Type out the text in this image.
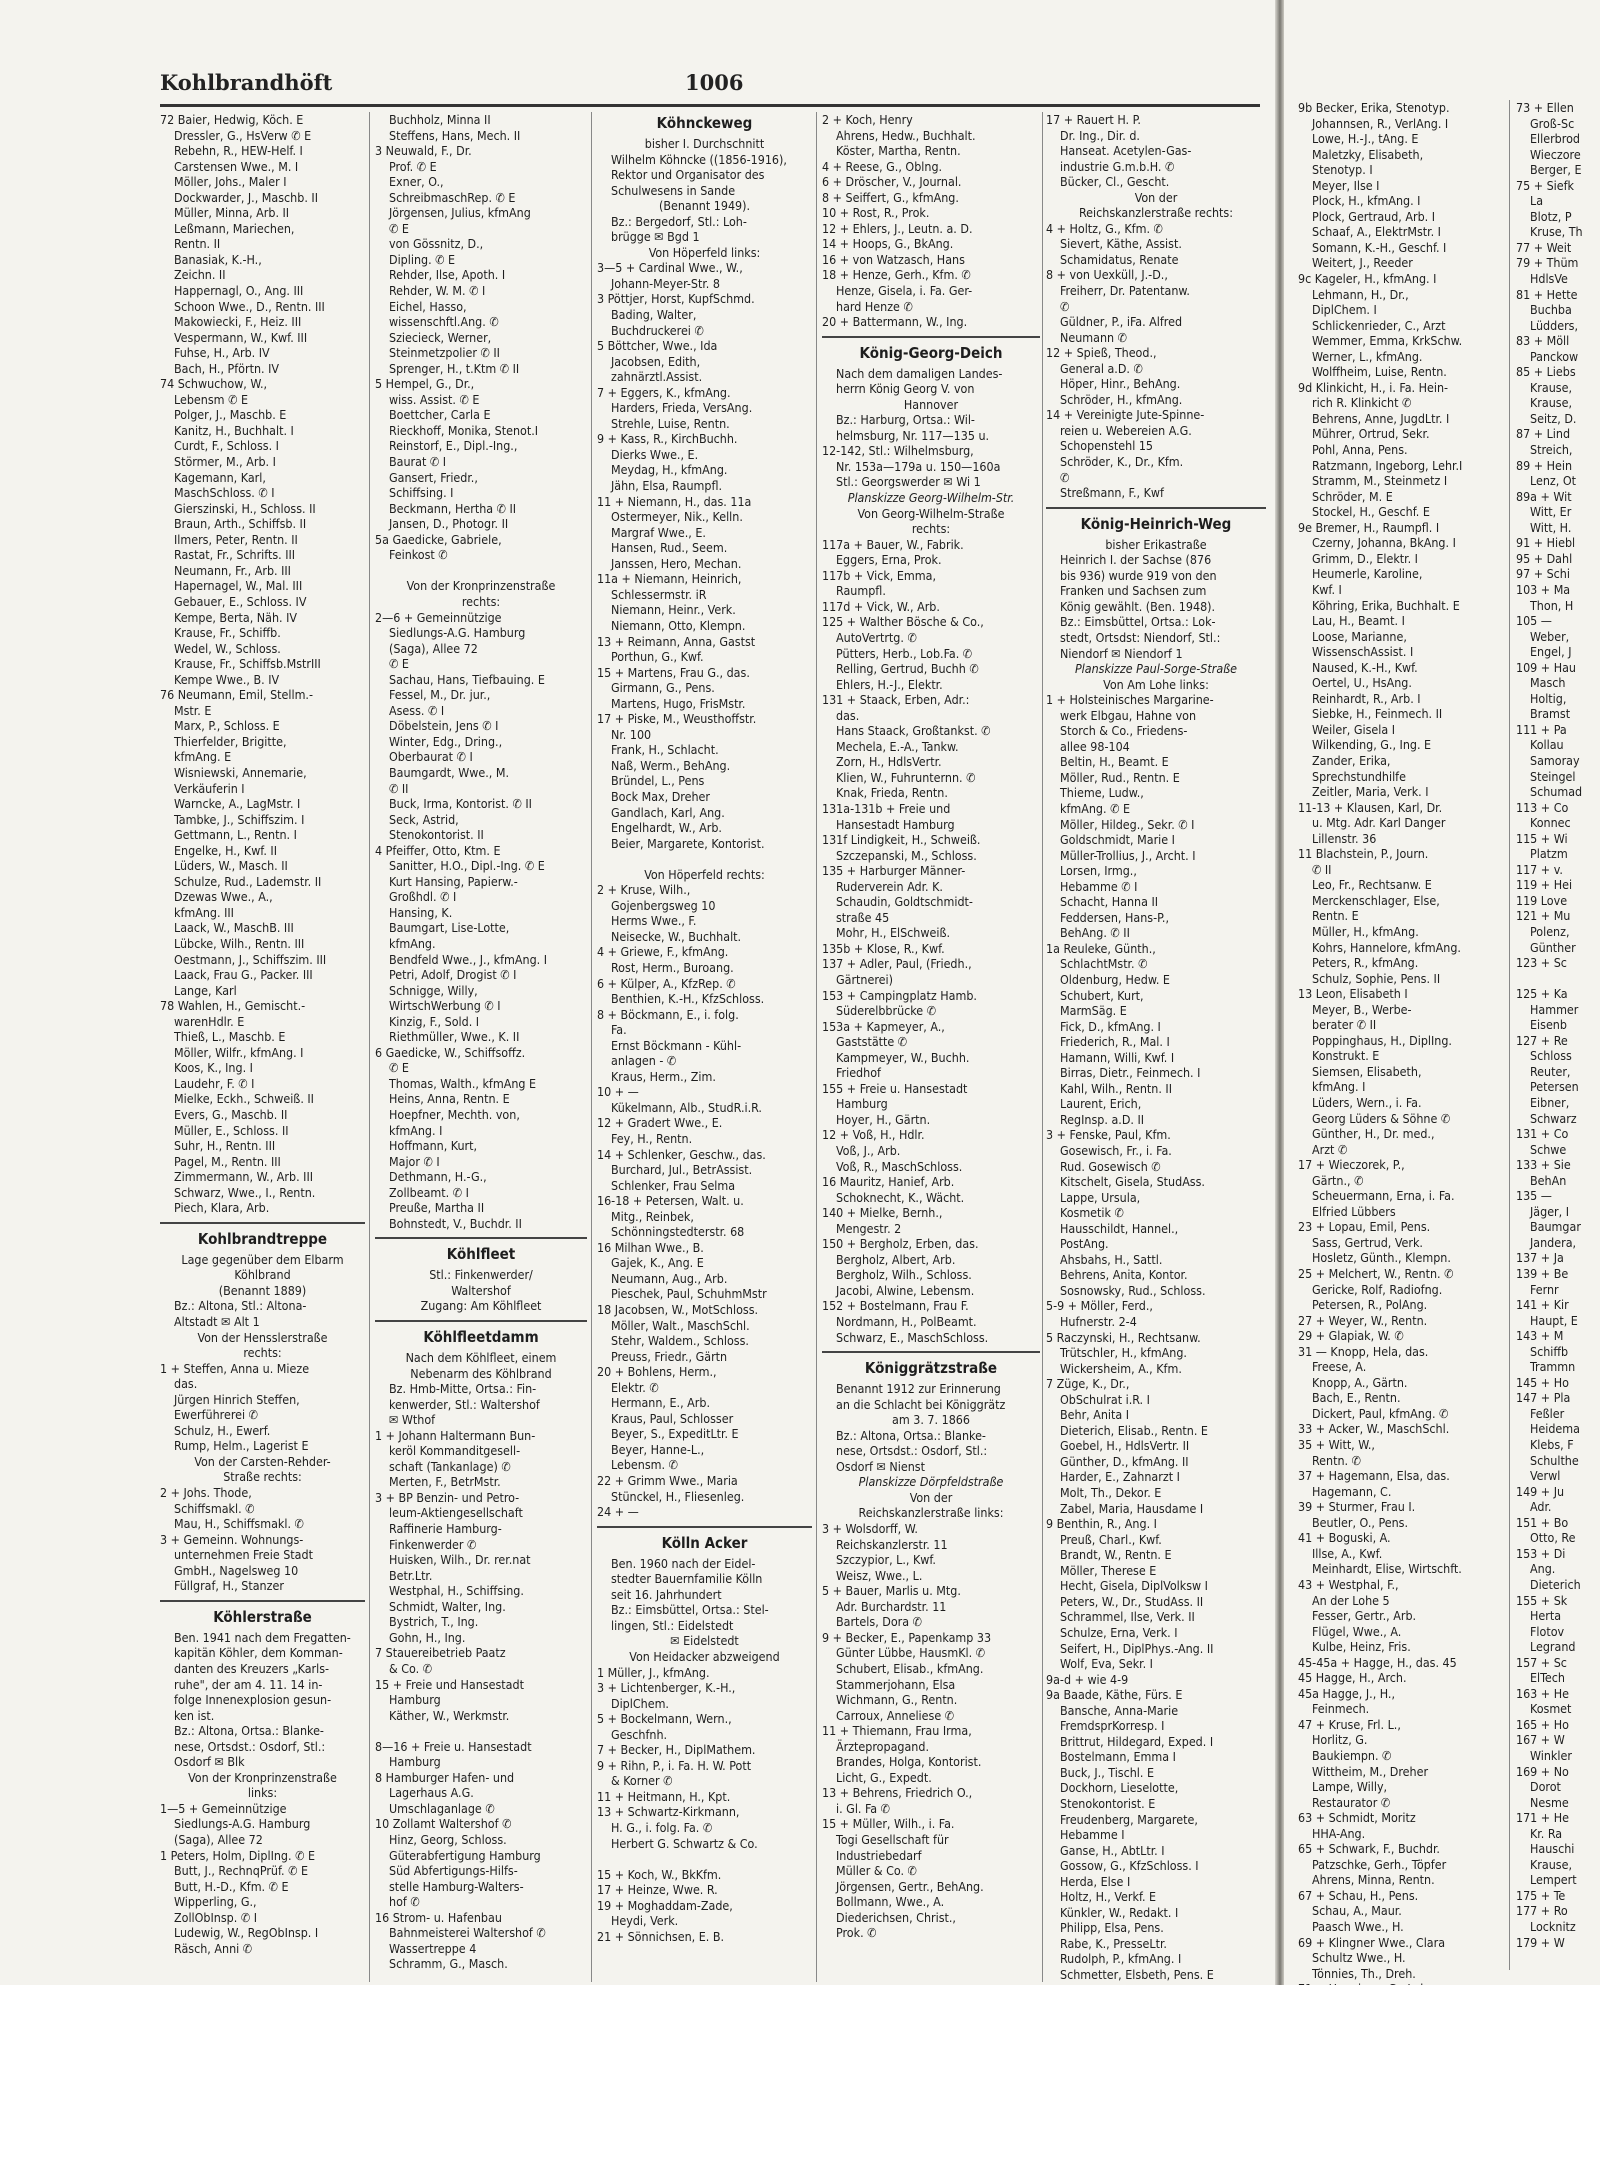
Kohlbrandhöft	1006
72 Baier, Hedwig, Köch. E
Dressler, G., HsVerw ✆ E
Rebehn, R., HEW-Helf. I
Carstensen Wwe., M. I
Möller, Johs., Maler I
Dockwarder, J., Maschb. II
Müller, Minna, Arb. II
Leßmann, Mariechen,
Rentn. II
Banasiak, K.-H.,
Zeichn. II
Happernagl, O., Ang. III
Schoon Wwe., D., Rentn. III
Makowiecki, F., Heiz. III
Vespermann, W., Kwf. III
Fuhse, H., Arb. IV
Bach, H., Pförtn. IV
74 Schwuchow, W.,
Lebensm ✆ E
Polger, J., Maschb. E
Kanitz, H., Buchhalt. I
Curdt, F., Schloss. I
Störmer, M., Arb. I
Kagemann, Karl,
MaschSchloss. ✆ I
Gierszinski, H., Schloss. II
Braun, Arth., Schiffsb. II
Ilmers, Peter, Rentn. II
Rastat, Fr., Schrifts. III
Neumann, Fr., Arb. III
Hapernagel, W., Mal. III
Gebauer, E., Schloss. IV
Kempe, Berta, Näh. IV
Krause, Fr., Schiffb.
Wedel, W., Schloss.
Krause, Fr., Schiffsb.MstrIII
Kempe Wwe., B. IV
76 Neumann, Emil, Stellm.-
Mstr. E
Marx, P., Schloss. E
Thierfelder, Brigitte,
kfmAng. E
Wisniewski, Annemarie,
Verkäuferin I
Warncke, A., LagMstr. I
Tambke, J., Schiffszim. I
Gettmann, L., Rentn. I
Engelke, H., Kwf. II
Lüders, W., Masch. II
Schulze, Rud., Lademstr. II
Dzewas Wwe., A.,
kfmAng. III
Laack, W., MaschB. III
Lübcke, Wilh., Rentn. III
Oestmann, J., Schiffszim. III
Laack, Frau G., Packer. III
Lange, Karl
78 Wahlen, H., Gemischt.-
warenHdlr. E
Thieß, L., Maschb. E
Möller, Wilfr., kfmAng. I
Koos, K., Ing. I
Laudehr, F. ✆ I
Mielke, Eckh., Schweiß. II
Evers, G., Maschb. II
Müller, E., Schloss. II
Suhr, H., Rentn. III
Pagel, M., Rentn. III
Zimmermann, W., Arb. III
Schwarz, Wwe., I., Rentn.
Piech, Klara, Arb.
Kohlbrandtreppe
Lage gegenüber dem Elbarm
Köhlbrand
(Benannt 1889)
Bz.: Altona, Stl.: Altona-
Altstadt ✉ Alt 1
Von der Hensslerstraße
rechts:
1 + Steffen, Anna u. Mieze
das.
Jürgen Hinrich Steffen,
Ewerführerei ✆
Schulz, H., Ewerf.
Rump, Helm., Lagerist E
Von der Carsten-Rehder-
Straße rechts:
2 + Johs. Thode,
Schiffsmakl. ✆
Mau, H., Schiffsmakl. ✆
3 + Gemeinn. Wohnungs-
unternehmen Freie Stadt
GmbH., Nagelsweg 10
Füllgraf, H., Stanzer
Köhlerstraße
Ben. 1941 nach dem Fregatten-
kapitän Köhler, dem Komman-
danten des Kreuzers „Karls-
ruhe", der am 4. 11. 14 in-
folge Innenexplosion gesun-
ken ist.
Bz.: Altona, Ortsa.: Blanke-
nese, Ortsdst.: Osdorf, Stl.:
Osdorf ✉ Blk
Von der Kronprinzenstraße
links:
1—5 + Gemeinnützige
Siedlungs-A.G. Hamburg
(Saga), Allee 72
1 Peters, Holm, DiplIng. ✆ E
Butt, J., RechnqPrüf. ✆ E
Butt, H.-D., Kfm. ✆ E
Wipperling, G.,
ZollObInsp. ✆ I
Ludewig, W., RegObInsp. I
Räsch, Anni ✆
Buchholz, Minna II
Steffens, Hans, Mech. II
3 Neuwald, F., Dr.
Prof. ✆ E
Exner, O.,
SchreibmaschRep. ✆ E
Jörgensen, Julius, kfmAng
✆ E
von Gössnitz, D.,
Dipling. ✆ E
Rehder, Ilse, Apoth. I
Rehder, W. M. ✆ I
Eichel, Hasso,
wissenschftl.Ang. ✆
Sziecieck, Werner,
Steinmetzpolier ✆ II
Sprenger, H., t.Ktm ✆ II
5 Hempel, G., Dr.,
wiss. Assist. ✆ E
Boettcher, Carla E
Rieckhoff, Monika, Stenot.I
Reinstorf, E., Dipl.-Ing.,
Baurat ✆ I
Gansert, Friedr.,
Schiffsing. I
Beckmann, Hertha ✆ II
Jansen, D., Photogr. II
5a Gaedicke, Gabriele,
Feinkost ✆

Von der Kronprinzenstraße
rechts:
2—6 + Gemeinnützige
Siedlungs-A.G. Hamburg
(Saga), Allee 72
✆ E
Sachau, Hans, Tiefbauing. E
Fessel, M., Dr. jur.,
Asess. ✆ I
Döbelstein, Jens ✆ I
Winter, Edg., Dring.,
Oberbaurat ✆ I
Baumgardt, Wwe., M.
✆ II
Buck, Irma, Kontorist. ✆ II
Seck, Astrid,
Stenokontorist. II
4 Pfeiffer, Otto, Ktm. E
Sanitter, H.O., Dipl.-Ing. ✆ E
Kurt Hansing, Papierw.-
Großhdl. ✆ I
Hansing, K.
Baumgart, Lise-Lotte,
kfmAng.
Bendfeld Wwe., J., kfmAng. I
Petri, Adolf, Drogist ✆ I
Schnigge, Willy,
WirtschWerbung ✆ I
Kinzig, F., Sold. I
Riethmüller, Wwe., K. II
6 Gaedicke, W., Schiffsoffz.
✆ E
Thomas, Walth., kfmAng E
Heins, Anna, Rentn. E
Hoepfner, Mechth. von,
kfmAng. I
Hoffmann, Kurt,
Major ✆ I
Dethmann, H.-G.,
Zollbeamt. ✆ I
Preuße, Martha II
Bohnstedt, V., Buchdr. II
Köhlfleet
Stl.: Finkenwerder/
Waltershof
Zugang: Am Köhlfleet
Köhlfleetdamm
Nach dem Köhlfleet, einem
Nebenarm des Köhlbrand
Bz. Hmb-Mitte, Ortsa.: Fin-
kenwerder, Stl.: Waltershof
✉ Wthof
1 + Johann Haltermann Bun-
keröl Kommanditgesell-
schaft (Tankanlage) ✆
Merten, F., BetrMstr.
3 + BP Benzin- und Petro-
leum-Aktiengesellschaft
Raffinerie Hamburg-
Finkenwerder ✆
Huisken, Wilh., Dr. rer.nat
Betr.Ltr.
Westphal, H., Schiffsing.
Schmidt, Walter, Ing.
Bystrich, T., Ing.
Gohn, H., Ing.
7 Stauereibetrieb Paatz
& Co. ✆
15 + Freie und Hansestadt
Hamburg
Käther, W., Werkmstr.

8—16 + Freie u. Hansestadt
Hamburg
8 Hamburger Hafen- und
Lagerhaus A.G.
Umschlaganlage ✆
10 Zollamt Waltershof ✆
Hinz, Georg, Schloss.
Güterabfertigung Hamburg
Süd Abfertigungs-Hilfs-
stelle Hamburg-Walters-
hof ✆
16 Strom- u. Hafenbau
Bahnmeisterei Waltershof ✆
Wassertreppe 4
Schramm, G., Masch.
Köhnckeweg
bisher I. Durchschnitt
Wilhelm Köhncke ((1856-1916),
Rektor und Organisator des
Schulwesens in Sande
(Benannt 1949).
Bz.: Bergedorf, Stl.: Loh-
brügge ✉ Bgd 1
Von Höperfeld links:
3—5 + Cardinal Wwe., W.,
Johann-Meyer-Str. 8
3 Pöttjer, Horst, KupfSchmd.
Bading, Walter,
Buchdruckerei ✆
5 Böttcher, Wwe., Ida
Jacobsen, Edith,
zahnärztl.Assist.
7 + Eggers, K., kfmAng.
Harders, Frieda, VersAng.
Strehle, Luise, Rentn.
9 + Kass, R., KirchBuchh.
Dierks Wwe., E.
Meydag, H., kfmAng.
Jähn, Elsa, Raumpfl.
11 + Niemann, H., das. 11a
Ostermeyer, Nik., Kelln.
Margraf Wwe., E.
Hansen, Rud., Seem.
Janssen, Hero, Mechan.
11a + Niemann, Heinrich,
Schlessermstr. iR
Niemann, Heinr., Verk.
Niemann, Otto, Klempn.
13 + Reimann, Anna, Gastst
Porthun, G., Kwf.
15 + Martens, Frau G., das.
Girmann, G., Pens.
Martens, Hugo, FrisMstr.
17 + Piske, M., Weusthoffstr.
Nr. 100
Frank, H., Schlacht.
Naß, Werm., BehAng.
Bründel, L., Pens
Bock Max, Dreher
Gandlach, Karl, Ang.
Engelhardt, W., Arb.
Beier, Margarete, Kontorist.

Von Höperfeld rechts:
2 + Kruse, Wilh.,
Gojenbergsweg 10
Herms Wwe., F.
Neisecke, W., Buchhalt.
4 + Griewe, F., kfmAng.
Rost, Herm., Buroang.
6 + Külper, A., KfzRep. ✆
Benthien, K.-H., KfzSchloss.
8 + Böckmann, E., i. folg.
Fa.
Ernst Böckmann - Kühl-
anlagen - ✆
Kraus, Herm., Zim.
10 + —
Kükelmann, Alb., StudR.i.R.
12 + Gradert Wwe., E.
Fey, H., Rentn.
14 + Schlenker, Geschw., das.
Burchard, Jul., BetrAssist.
Schlenker, Frau Selma
16-18 + Petersen, Walt. u.
Mitg., Reinbek,
Schönningstedterstr. 68
16 Milhan Wwe., B.
Gajek, K., Ang. E
Neumann, Aug., Arb.
Pieschek, Paul, SchuhmMstr
18 Jacobsen, W., MotSchloss.
Möller, Walt., MaschSchl.
Stehr, Waldem., Schloss.
Preuss, Friedr., Gärtn
20 + Bohlens, Herm.,
Elektr. ✆
Hermann, E., Arb.
Kraus, Paul, Schlosser
Beyer, S., ExpeditLtr. E
Beyer, Hanne-L.,
Lebensm. ✆
22 + Grimm Wwe., Maria
Stünckel, H., Fliesenleg.
24 + —
Kölln Acker
Ben. 1960 nach der Eidel-
stedter Bauernfamilie Kölln
seit 16. Jahrhundert
Bz.: Eimsbüttel, Ortsa.: Stel-
lingen, Stl.: Eidelstedt
✉ Eidelstedt
Von Heidacker abzweigend
1 Müller, J., kfmAng.
3 + Lichtenberger, K.-H.,
DiplChem.
5 + Bockelmann, Wern.,
Geschfnh.
7 + Becker, H., DiplMathem.
9 + Rihn, P., i. Fa. H. W. Pott
& Korner ✆
11 + Heitmann, H., Kpt.
13 + Schwartz-Kirkmann,
H. G., i. folg. Fa. ✆
Herbert G. Schwartz & Co.

15 + Koch, W., BkKfm.
17 + Heinze, Wwe. R.
19 + Moghaddam-Zade,
Heydi, Verk.
21 + Sönnichsen, E. B.
2 + Koch, Henry
Ahrens, Hedw., Buchhalt.
Köster, Martha, Rentn.
4 + Reese, G., Oblng.
6 + Dröscher, V., Journal.
8 + Seiffert, G., kfmAng.
10 + Rost, R., Prok.
12 + Ehlers, J., Leutn. a. D.
14 + Hoops, G., BkAng.
16 + von Watzasch, Hans
18 + Henze, Gerh., Kfm. ✆
Henze, Gisela, i. Fa. Ger-
hard Henze ✆
20 + Battermann, W., Ing.
König-Georg-Deich
Nach dem damaligen Landes-
herrn König Georg V. von
Hannover
Bz.: Harburg, Ortsa.: Wil-
helmsburg, Nr. 117—135 u.
12-142, Stl.: Wilhelmsburg,
Nr. 153a—179a u. 150—160a
Stl.: Georgswerder ✉ Wi 1
Planskizze Georg-Wilhelm-Str.
Von Georg-Wilhelm-Straße
rechts:
117a + Bauer, W., Fabrik.
Eggers, Erna, Prok.
117b + Vick, Emma,
Raumpfl.
117d + Vick, W., Arb.
125 + Walther Bösche & Co.,
AutoVertrtg. ✆
Pütters, Herb., Lob.Fa. ✆
Relling, Gertrud, Buchh ✆
Ehlers, H.-J., Elektr.
131 + Staack, Erben, Adr.:
das.
Hans Staack, Großtankst. ✆
Mechela, E.-A., Tankw.
Zorn, H., HdlsVertr.
Klien, W., Fuhrunternn. ✆
Knak, Frieda, Rentn.
131a-131b + Freie und
Hansestadt Hamburg
131f Lindigkeit, H., Schweiß.
Szczepanski, M., Schloss.
135 + Harburger Männer-
Ruderverein Adr. K.
Schaudin, Goldtschmidt-
straße 45
Mohr, H., ElSchweiß.
135b + Klose, R., Kwf.
137 + Adler, Paul, (Friedh.,
Gärtnerei)
153 + Campingplatz Hamb.
Süderelbbrücke ✆
153a + Kapmeyer, A.,
Gaststätte ✆
Kampmeyer, W., Buchh.
Friedhof
155 + Freie u. Hansestadt
Hamburg
Hoyer, H., Gärtn.
12 + Voß, H., Hdlr.
Voß, J., Arb.
Voß, R., MaschSchloss.
16 Mauritz, Hanief, Arb.
Schoknecht, K., Wächt.
140 + Mielke, Bernh.,
Mengestr. 2
150 + Bergholz, Erben, das.
Bergholz, Albert, Arb.
Bergholz, Wilh., Schloss.
Jacobi, Alwine, Lebensm.
152 + Bostelmann, Frau F.
Nordmann, H., PolBeamt.
Schwarz, E., MaschSchloss.
Königgrätzstraße
Benannt 1912 zur Erinnerung
an die Schlacht bei Königgrätz
am 3. 7. 1866
Bz.: Altona, Ortsa.: Blanke-
nese, Ortsdst.: Osdorf, Stl.:
Osdorf ✉ Nienst
Planskizze Dörpfeldstraße
Von der
Reichskanzlerstraße links:
3 + Wolsdorff, W.
Reichskanzlerstr. 11
Szczypior, L., Kwf.
Weisz, Wwe., L.
5 + Bauer, Marlis u. Mtg.
Adr. Burchardstr. 11
Bartels, Dora ✆
9 + Becker, E., Papenkamp 33
Günter Lübbe, HausmKl. ✆
Schubert, Elisab., kfmAng.
Stammerjohann, Elsa
Wichmann, G., Rentn.
Carroux, Anneliese ✆
11 + Thiemann, Frau Irma,
Ärztepropagand.
Brandes, Holga, Kontorist.
Licht, G., Expedt.
13 + Behrens, Friedrich O.,
i. Gl. Fa ✆
15 + Müller, Wilh., i. Fa.
Togi Gesellschaft für
Industriebedarf
Müller & Co. ✆
Jörgensen, Gertr., BehAng.
Bollmann, Wwe., A.
Diederichsen, Christ.,
Prok. ✆
17 + Rauert H. P.
Dr. Ing., Dir. d.
Hanseat. Acetylen-Gas-
industrie G.m.b.H. ✆
Bücker, Cl., Gescht.
Von der
Reichskanzlerstraße rechts:
4 + Holtz, G., Kfm. ✆
Sievert, Käthe, Assist.
Schamidatus, Renate
8 + von Uexküll, J.-D.,
Freiherr, Dr. Patentanw.
✆
Güldner, P., iFa. Alfred
Neumann ✆
12 + Spieß, Theod.,
General a.D. ✆
Höper, Hinr., BehAng.
Schröder, H., kfmAng.
14 + Vereinigte Jute-Spinne-
reien u. Webereien A.G.
Schopenstehl 15
Schröder, K., Dr., Kfm.
✆
Streßmann, F., Kwf
König-Heinrich-Weg
bisher Erikastraße
Heinrich I. der Sachse (876
bis 936) wurde 919 von den
Franken und Sachsen zum
König gewählt. (Ben. 1948).
Bz.: Eimsbüttel, Ortsa.: Lok-
stedt, Ortsdst: Niendorf, Stl.:
Niendorf ✉ Niendorf 1
Planskizze Paul-Sorge-Straße
Von Am Lohe links:
1 + Holsteinisches Margarine-
werk Elbgau, Hahne von
Storch & Co., Friedens-
allee 98-104
Beltin, H., Beamt. E
Möller, Rud., Rentn. E
Thieme, Ludw.,
kfmAng. ✆ E
Möller, Hildeg., Sekr. ✆ I
Goldschmidt, Marie I
Müller-Trollius, J., Archt. I
Lorsen, Irmg.,
Hebamme ✆ I
Schacht, Hanna II
Feddersen, Hans-P.,
BehAng. ✆ II
1a Reuleke, Günth.,
SchlachtMstr. ✆
Oldenburg, Hedw. E
Schubert, Kurt,
MarmSäg. E
Fick, D., kfmAng. I
Friederich, R., Mal. I
Hamann, Willi, Kwf. I
Birras, Dietr., Feinmech. I
Kahl, Wilh., Rentn. II
Laurent, Erich,
RegInsp. a.D. II
3 + Fenske, Paul, Kfm.
Gosewisch, Fr., i. Fa.
Rud. Gosewisch ✆
Kitschelt, Gisela, StudAss.
Lappe, Ursula,
Kosmetik ✆
Hausschildt, Hannel.,
PostAng.
Ahsbahs, H., Sattl.
Behrens, Anita, Kontor.
Sosnowsky, Rud., Schloss.
5-9 + Möller, Ferd.,
Hufnerstr. 2-4
5 Raczynski, H., Rechtsanw.
Trütschler, H., kfmAng.
Wickersheim, A., Kfm.
7 Züge, K., Dr.,
ObSchulrat i.R. I
Behr, Anita I
Dieterich, Elisab., Rentn. E
Goebel, H., HdlsVertr. II
Günther, D., kfmAng. II
Harder, E., Zahnarzt I
Molt, Th., Dekor. E
Zabel, Maria, Hausdame I
9 Benthin, R., Ang. I
Preuß, Charl., Kwf.
Brandt, W., Rentn. E
Möller, Therese E
Hecht, Gisela, DiplVolksw I
Peters, W., Dr., StudAss. II
Schrammel, Ilse, Verk. II
Schulze, Erna, Verk. I
Seifert, H., DiplPhys.-Ang. II
Wolf, Eva, Sekr. I
9a-d + wie 4-9
9a Baade, Käthe, Fürs. E
Bansche, Anna-Marie
FremdsprKorresp. I
Brittrut, Hildegard, Exped. I
Bostelmann, Emma I
Buck, J., Tischl. E
Dockhorn, Lieselotte,
Stenokontorist. E
Freudenberg, Margarete,
Hebamme I
Ganse, H., AbtLtr. I
Gossow, G., KfzSchloss. I
Herda, Else I
Holtz, H., Verkf. E
Künkler, W., Redakt. I
Philipp, Elsa, Pens.
Rabe, K., PresseLtr.
Rudolph, P., kfmAng. I
Schmetter, Elsbeth, Pens. E
9b Becker, Erika, Stenotyp.
Johannsen, R., VerlAng. I
Lowe, H.-J., tAng. E
Maletzky, Elisabeth,
Stenotyp. I
Meyer, Ilse I
Plock, H., kfmAng. I
Plock, Gertraud, Arb. I
Schaaf, A., ElektrMstr. I
Somann, K.-H., Geschf. I
Weitert, J., Reeder
9c Kageler, H., kfmAng. I
Lehmann, H., Dr.,
DiplChem. I
Schlickenrieder, C., Arzt
Wemmer, Emma, KrkSchw.
Werner, L., kfmAng.
Wolffheim, Luise, Rentn.
9d Klinkicht, H., i. Fa. Hein-
rich R. Klinkicht ✆
Behrens, Anne, JugdLtr. I
Mührer, Ortrud, Sekr.
Pohl, Anna, Pens.
Ratzmann, Ingeborg, Lehr.I
Stramm, M., Steinmetz I
Schröder, M. E
Stockel, H., Geschf. E
9e Bremer, H., Raumpfl. I
Czerny, Johanna, BkAng. I
Grimm, D., Elektr. I
Heumerle, Karoline,
Kwf. I
Köhring, Erika, Buchhalt. E
Lau, H., Beamt. I
Loose, Marianne,
WissenschAssist. I
Naused, K.-H., Kwf.
Oertel, U., HsAng.
Reinhardt, R., Arb. I
Siebke, H., Feinmech. II
Weiler, Gisela I
Wilkending, G., Ing. E
Zander, Erika,
Sprechstundhilfe
Zeitler, Maria, Verk. I
11-13 + Klausen, Karl, Dr.
u. Mtg. Adr. Karl Danger
Lillenstr. 36
11 Blachstein, P., Journ.
✆ II
Leo, Fr., Rechtsanw. E
Merckenschlager, Else,
Rentn. E
Müller, H., kfmAng.
Kohrs, Hannelore, kfmAng.
Peters, R., kfmAng.
Schulz, Sophie, Pens. II
13 Leon, Elisabeth I
Meyer, B., Werbe-
berater ✆ II
Poppinghaus, H., DiplIng.
Konstrukt. E
Siemsen, Elisabeth,
kfmAng. I
Lüders, Wern., i. Fa.
Georg Lüders & Söhne ✆
Günther, H., Dr. med.,
Arzt ✆
17 + Wieczorek, P.,
Gärtn., ✆
Scheuermann, Erna, i. Fa.
Elfried Lübbers
23 + Lopau, Emil, Pens.
Sass, Gertrud, Verk.
Hosletz, Günth., Klempn.
25 + Melchert, W., Rentn. ✆
Gericke, Rolf, Radiofng.
Petersen, R., PolAng.
27 + Weyer, W., Rentn.
29 + Glapiak, W. ✆
31 — Knopp, Hela, das.
Freese, A.
Knopp, A., Gärtn.
Bach, E., Rentn.
Dickert, Paul, kfmAng. ✆
33 + Acker, W., MaschSchl.
35 + Witt, W.,
Rentn. ✆
37 + Hagemann, Elsa, das.
Hagemann, C.
39 + Sturmer, Frau I.
Beutler, O., Pens.
41 + Boguski, A.
Illse, A., Kwf.
Meinhardt, Elise, Wirtschft.
43 + Westphal, F.,
An der Lohe 5
Fesser, Gertr., Arb.
Flügel, Wwe., A.
Kulbe, Heinz, Fris.
45-45a + Hagge, H., das. 45
45 Hagge, H., Arch.
45a Hagge, J., H.,
Feinmech.
47 + Kruse, Frl. L.,
Horlitz, G.
Baukiempn. ✆
Wittheim, M., Dreher
Lampe, Willy,
Restaurator ✆
63 + Schmidt, Moritz
HHA-Ang.
65 + Schwark, F., Buchdr.
Patzschke, Gerh., Töpfer
Ahrens, Minna, Rentn.
67 + Schau, H., Pens.
Schau, A., Maur.
Paasch Wwe., H.
69 + Klingner Wwe., Clara
Schultz Wwe., H.
Tönnies, Th., Dreh.
73 + Ellen
Groß-Sc
Ellerbrod
Wieczore
Berger, E
75 + Siefk
La
Blotz, P
Kruse, Th
77 + Weit
79 + Thüm
HdlsVe
81 + Hette
Buchba
Lüdders,
83 + Möll
Panckow
85 + Liebs
Krause,
Krause,
Seitz, D.
87 + Lind
Streich,
89 + Hein
Lenz, Ot
89a + Wit
Witt, Er
Witt, H.
91 + Hiebl
95 + Dahl
97 + Schi
103 + Ma
Thon, H
105 —
Weber,
Engel, J
109 + Hau
Masch
Holtig,
Bramst
111 + Pa
Kollau
Samoray
Steingel
Schumad
113 + Co
Konnec
115 + Wi
Platzm
117 + v.
119 + Hei
119 Love
121 + Mu
Polenz,
Günther
123 + Sc

125 + Ka
Hammer
Eisenb
127 + Re
Schloss
Reuter,
Petersen
Eibner,
Schwarz
131 + Co
Schwe
133 + Sie
BehAn
135 —
Jäger, I
Baumgar
Jandera,
137 + Ja
139 + Be
Fernr
141 + Kir
Haupt, E
143 + M
Schiffb
Trammn
145 + Ho
147 + Pla
Feßler
Heidema
Klebs, F
Schulthe
Verwl
149 + Ju
Adr.
151 + Bo
Otto, Re
153 + Di
Ang.
Dieterich
155 + Sk
Herta
Flotov
Legrand
157 + Sc
ElTech
163 + He
Kosmet
165 + Ho
167 + W
Winkler
169 + No
Dorot
Nesme
171 + He
Kr. Ra
Hauschi
Krause,
Lempert
175 + Te
177 + Ro
Locknitz
179 + W
